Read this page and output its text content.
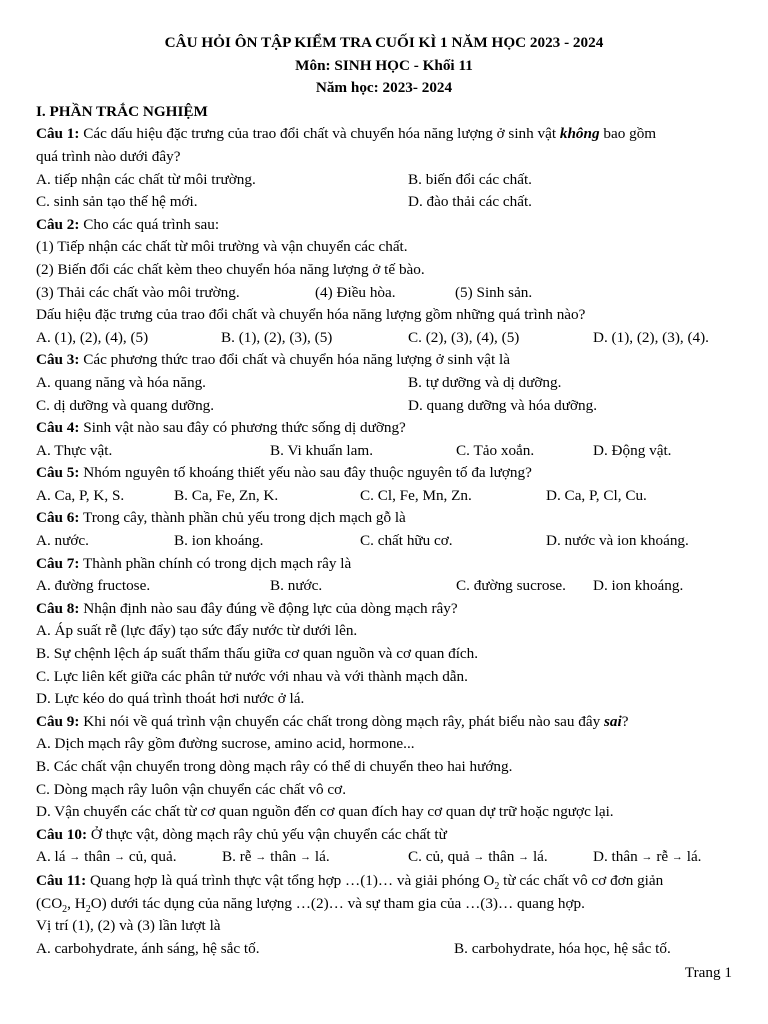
CÂU HỎI ÔN TẬP KIỂM TRA CUỐI KÌ 1 NĂM HỌC 2023 - 2024
Môn: SINH HỌC - Khối 11
Năm học: 2023- 2024
I. PHẦN TRẮC NGHIỆM
Câu 1: Các dấu hiệu đặc trưng của trao đổi chất và chuyển hóa năng lượng ở sinh vật không bao gồm
quá trình nào dưới đây?
A. tiếp nhận các chất từ môi trường.	B. biến đổi các chất.
C. sinh sản tạo thế hệ mới.	D. đào thải các chất.
Câu 2: Cho các quá trình sau:
(1) Tiếp nhận các chất từ môi trường và vận chuyển các chất.
(2) Biến đổi các chất kèm theo chuyển hóa năng lượng ở tế bào.
(3) Thải các chất vào môi trường.	(4) Điều hòa.	(5) Sinh sản.
Dấu hiệu đặc trưng của trao đổi chất và chuyển hóa năng lượng gồm những quá trình nào?
A. (1), (2), (4), (5)	B. (1), (2), (3), (5)	C. (2), (3), (4), (5)	D. (1), (2), (3), (4).
Câu 3: Các phương thức trao đổi chất và chuyển hóa năng lượng ở sinh vật là
A. quang năng và hóa năng.	B. tự dưỡng và dị dưỡng.
C. dị dưỡng và quang dưỡng.	D. quang dưỡng và hóa dưỡng.
Câu 4: Sinh vật nào sau đây có phương thức sống dị dưỡng?
A. Thực vật.	B. Vi khuẩn lam.	C. Tảo xoắn.	D. Động vật.
Câu 5: Nhóm nguyên tố khoáng thiết yếu nào sau đây thuộc nguyên tố đa lượng?
A. Ca, P, K, S.	B. Ca, Fe, Zn, K.	C. Cl, Fe, Mn, Zn.	D. Ca, P, Cl, Cu.
Câu 6: Trong cây, thành phần chủ yếu trong dịch mạch gỗ là
A. nước.	B. ion khoáng.	C. chất hữu cơ.	D. nước và ion khoáng.
Câu 7: Thành phần chính có trong dịch mạch rây là
A. đường fructose.	B. nước.	C. đường sucrose.	D. ion khoáng.
Câu 8: Nhận định nào sau đây đúng về động lực của dòng mạch rây?
A. Áp suất rễ (lực đẩy) tạo sức đẩy nước từ dưới lên.
B. Sự chệnh lệch áp suất thẩm thấu giữa cơ quan nguồn và cơ quan đích.
C. Lực liên kết giữa các phân tử nước với nhau và với thành mạch dẫn.
D. Lực kéo do quá trình thoát hơi nước ở lá.
Câu 9: Khi nói về quá trình vận chuyển các chất trong dòng mạch rây, phát biểu nào sau đây sai?
A. Dịch mạch rây gồm đường sucrose, amino acid, hormone...
B. Các chất vận chuyển trong dòng mạch rây có thể di chuyển theo hai hướng.
C. Dòng mạch rây luôn vận chuyển các chất vô cơ.
D. Vận chuyển các chất từ cơ quan nguồn đến cơ quan đích hay cơ quan dự trữ hoặc ngược lại.
Câu 10: Ở thực vật, dòng mạch rây chủ yếu vận chuyển các chất từ
A. lá → thân → củ, quả.	B. rễ → thân → lá.	C. củ, quả → thân → lá.	D. thân → rễ → lá.
Câu 11: Quang hợp là quá trình thực vật tổng hợp …(1)… và giải phóng $O_2$ từ các chất vô cơ đơn giản
($CO_2$, $H_2O$) dưới tác dụng của năng lượng …(2)… và sự tham gia của …(3)… quang hợp.
Vị trí (1), (2) và (3) lần lượt là
A. carbohydrate, ánh sáng, hệ sắc tố.	B. carbohydrate, hóa học, hệ sắc tố.
Trang 1
